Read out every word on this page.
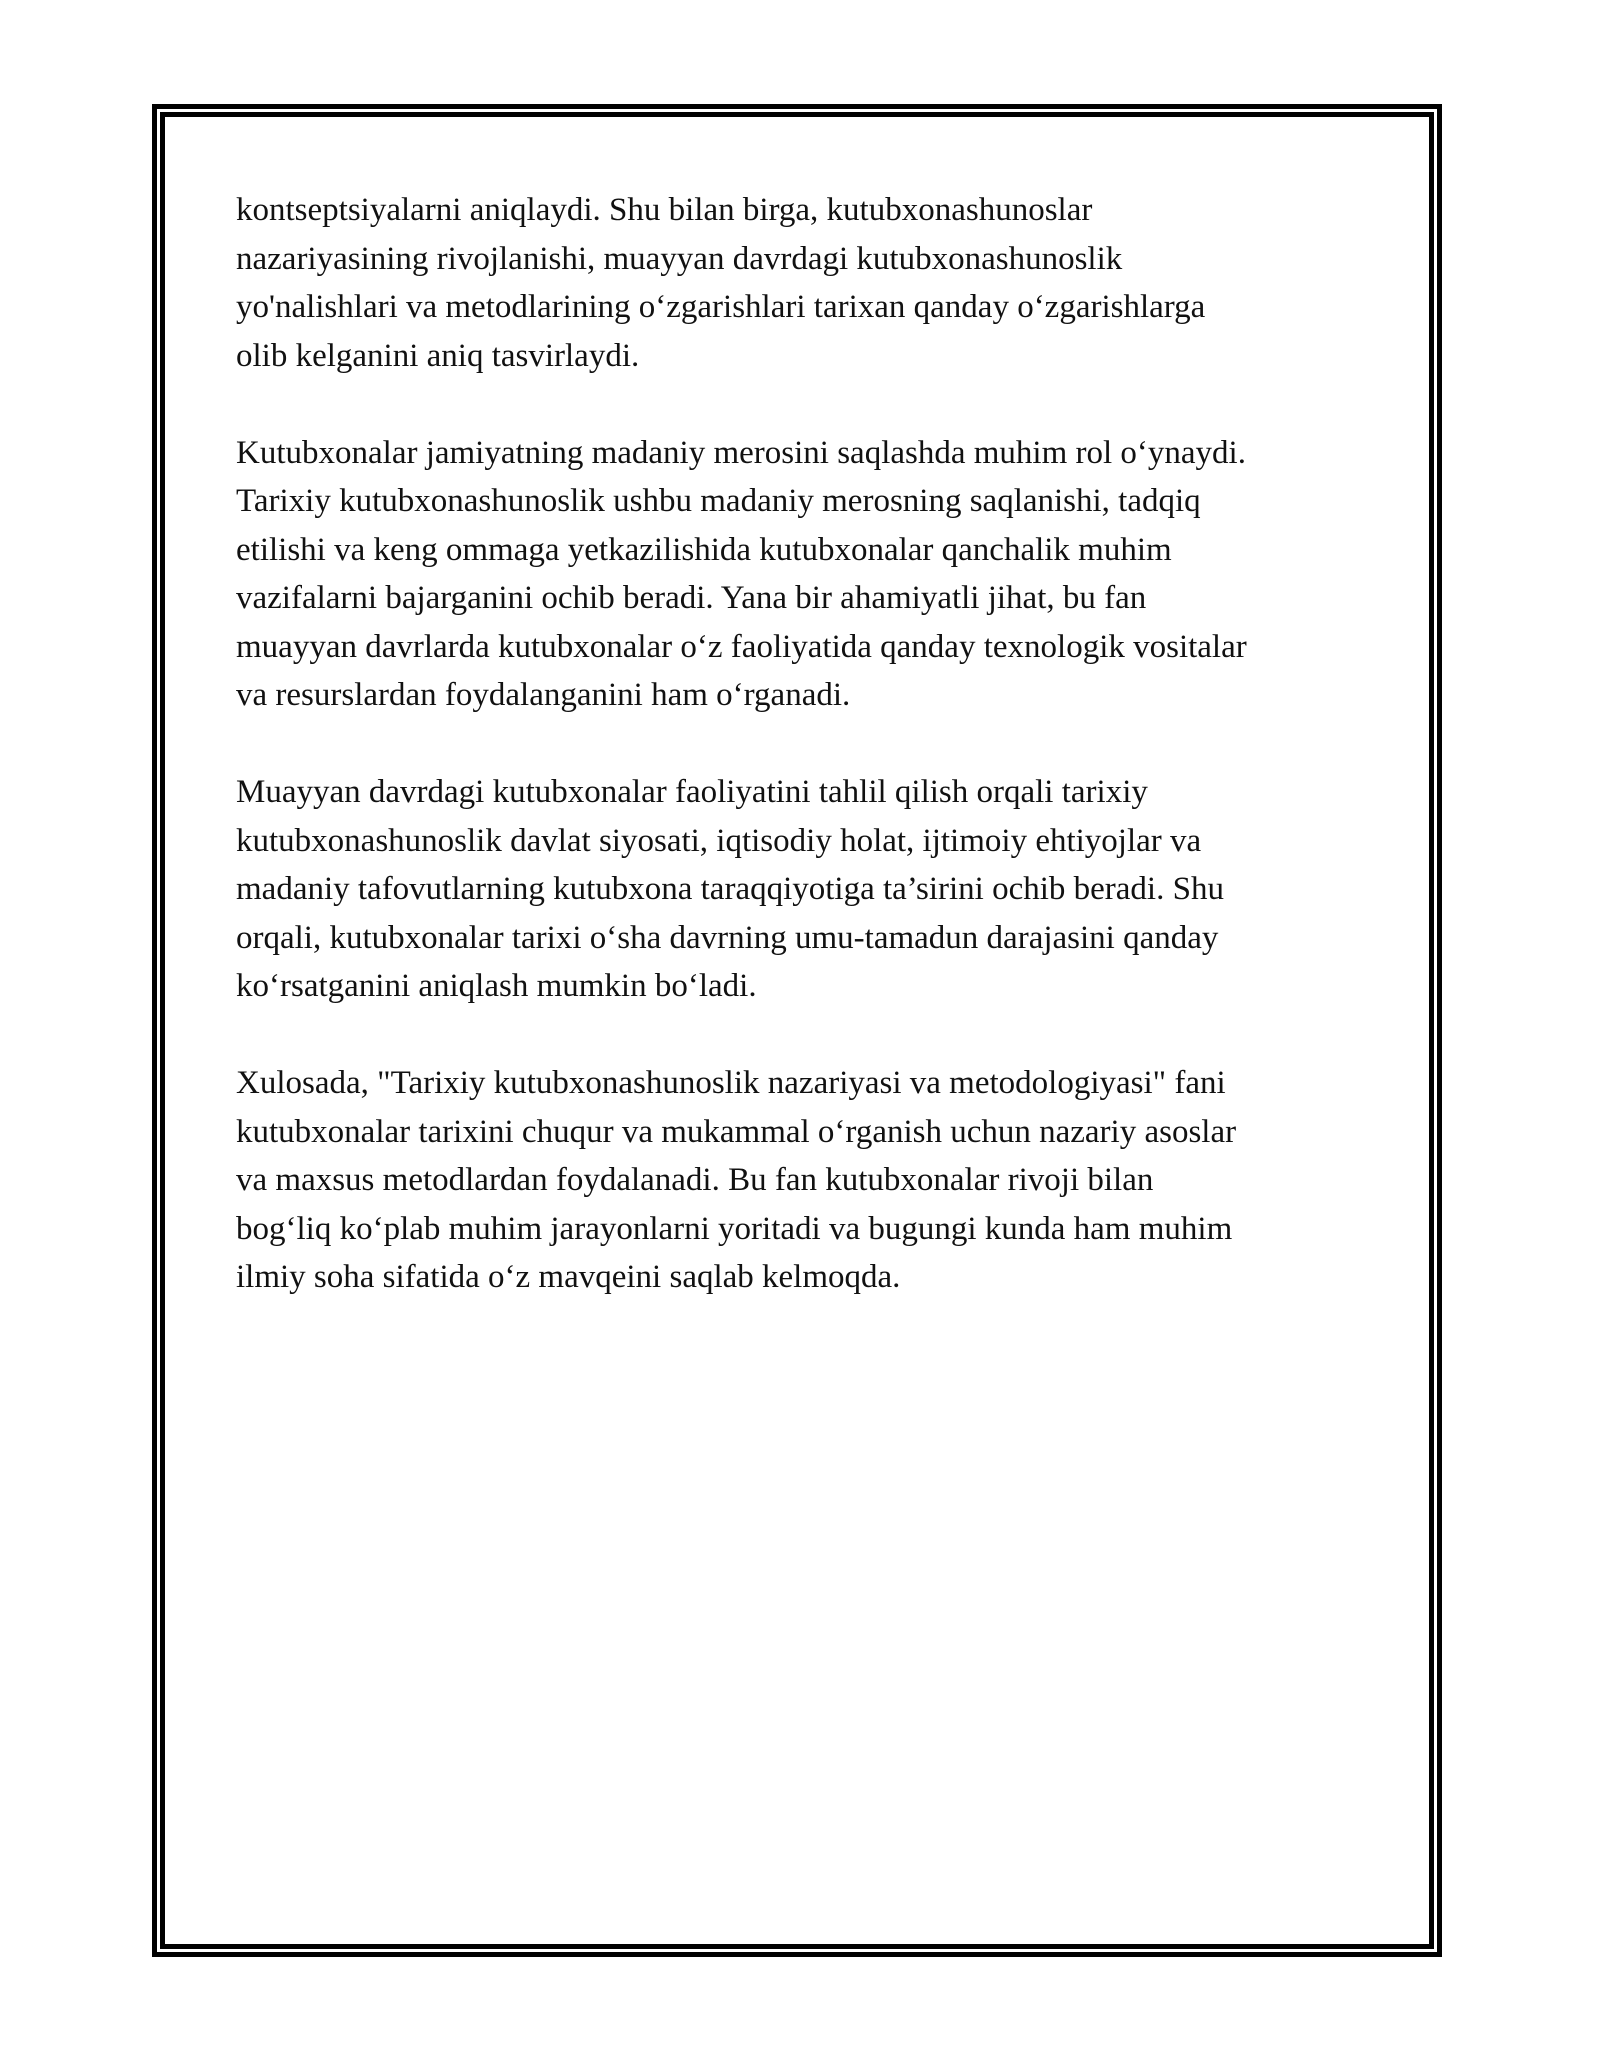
kontseptsiyalarni aniqlaydi. Shu bilan birga, kutubxonashunoslar
nazariyasining rivojlanishi, muayyan davrdagi kutubxonashunoslik
yo'nalishlari va metodlarining o‘zgarishlari tarixan qanday o‘zgarishlarga
olib kelganini aniq tasvirlaydi.
Kutubxonalar jamiyatning madaniy merosini saqlashda muhim rol o‘ynaydi.
Tarixiy kutubxonashunoslik ushbu madaniy merosning saqlanishi, tadqiq
etilishi va keng ommaga yetkazilishida kutubxonalar qanchalik muhim
vazifalarni bajarganini ochib beradi. Yana bir ahamiyatli jihat, bu fan
muayyan davrlarda kutubxonalar o‘z faoliyatida qanday texnologik vositalar
va resurslardan foydalanganini ham o‘rganadi.
Muayyan davrdagi kutubxonalar faoliyatini tahlil qilish orqali tarixiy
kutubxonashunoslik davlat siyosati, iqtisodiy holat, ijtimoiy ehtiyojlar va
madaniy tafovutlarning kutubxona taraqqiyotiga ta’sirini ochib beradi. Shu
orqali, kutubxonalar tarixi o‘sha davrning umu-tamadun darajasini qanday
ko‘rsatganini aniqlash mumkin bo‘ladi.
Xulosada, "Tarixiy kutubxonashunoslik nazariyasi va metodologiyasi" fani
kutubxonalar tarixini chuqur va mukammal o‘rganish uchun nazariy asoslar
va maxsus metodlardan foydalanadi. Bu fan kutubxonalar rivoji bilan
bog‘liq ko‘plab muhim jarayonlarni yoritadi va bugungi kunda ham muhim
ilmiy soha sifatida o‘z mavqeini saqlab kelmoqda.
